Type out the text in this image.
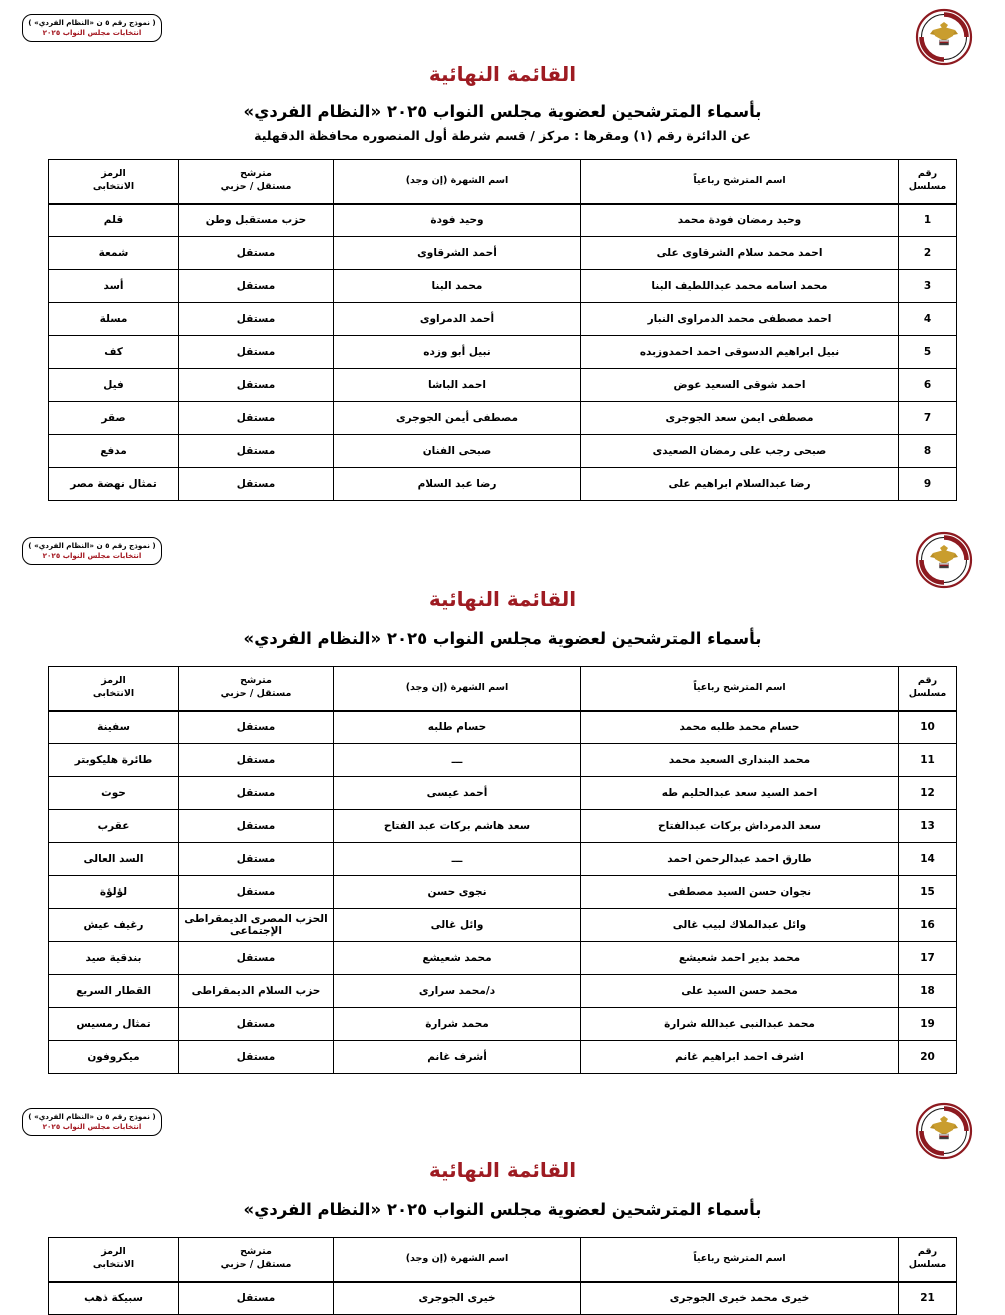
( نموذج رقم ٥ ن «النظام الفردي» )
انتخابات مجلس النواب ٢٠٢٥
القائمة النهائية
بأسماء المترشحين لعضوية مجلس النواب ٢٠٢٥ «النظام الفردي»
عن الدائرة رقم (١) ومقرها : مركز / قسم شرطة أول المنصوره محافظة الدقهلية
رقم
مسلسل	اسم المترشح رباعياً	اسم الشهرة (إن وجد)	مترشح
مستقل / حزبي	الرمز
الانتخابى

1	وحيد رمضان فودة محمد	وحيد فودة	حزب مستقبل وطن	قلم
2	احمد محمد سلام الشرقاوى على	أحمد الشرقاوى	مستقل	شمعة
3	محمد اسامه محمد عبداللطيف البنا	محمد البنا	مستقل	أسد
4	احمد مصطفى محمد الدمراوى النبار	أحمد الدمراوى	مستقل	مسلة
5	نبيل ابراهيم الدسوقى احمد احمدوزبده	نبيل أبو وزده	مستقل	كف
6	احمد شوقى السعيد عوض	احمد الباشا	مستقل	فيل
7	مصطفى ايمن سعد الجوجرى	مصطفى أيمن الجوجرى	مستقل	صقر
8	صبحى رجب على رمضان الصعيدى	صبحى الفنان	مستقل	مدفع
9	رضا عبدالسلام ابراهيم على	رضا عبد السلام	مستقل	تمثال نهضة مصر
( نموذج رقم ٥ ن «النظام الفردي» )
انتخابات مجلس النواب ٢٠٢٥
القائمة النهائية
بأسماء المترشحين لعضوية مجلس النواب ٢٠٢٥ «النظام الفردي»
رقم
مسلسل	اسم المترشح رباعياً	اسم الشهرة (إن وجد)	مترشح
مستقل / حزبي	الرمز
الانتخابى

10	حسام محمد طلبه محمد	حسام طلبه	مستقل	سفينة
11	محمد البندارى السعيد محمد	ـــ	مستقل	طائرة هليكوبتر
12	احمد السيد سعد عبدالحليم طه	أحمد عيسى	مستقل	حوت
13	سعد الدمرداش بركات عبدالفتاح	سعد هاشم بركات عبد الفتاح	مستقل	عقرب
14	طارق احمد عبدالرحمن احمد	ـــ	مستقل	السد العالى
15	نجوان حسن السيد مصطفى	نجوى حسن	مستقل	لؤلؤة
16	وائل عبدالملاك لبيب غالى	وائل غالى	الحزب المصرى الديمقراطى الإجتماعى	رغيف عيش
17	محمد بدير احمد شعيشع	محمد شعيشع	مستقل	بندقية صيد
18	محمد حسن السيد على	د/محمد سرارى	حزب السلام الديمقراطى	القطار السريع
19	محمد عبدالنبى عبدالله شرارة	محمد شرارة	مستقل	تمثال رمسيس
20	اشرف احمد ابراهيم غانم	أشرف غانم	مستقل	ميكروفون
( نموذج رقم ٥ ن «النظام الفردي» )
انتخابات مجلس النواب ٢٠٢٥
القائمة النهائية
بأسماء المترشحين لعضوية مجلس النواب ٢٠٢٥ «النظام الفردي»
رقم
مسلسل	اسم المترشح رباعياً	اسم الشهرة (إن وجد)	مترشح
مستقل / حزبي	الرمز
الانتخابى

21	خيرى محمد خيرى الجوجرى	خيرى الجوجرى	مستقل	سبيكة ذهب
